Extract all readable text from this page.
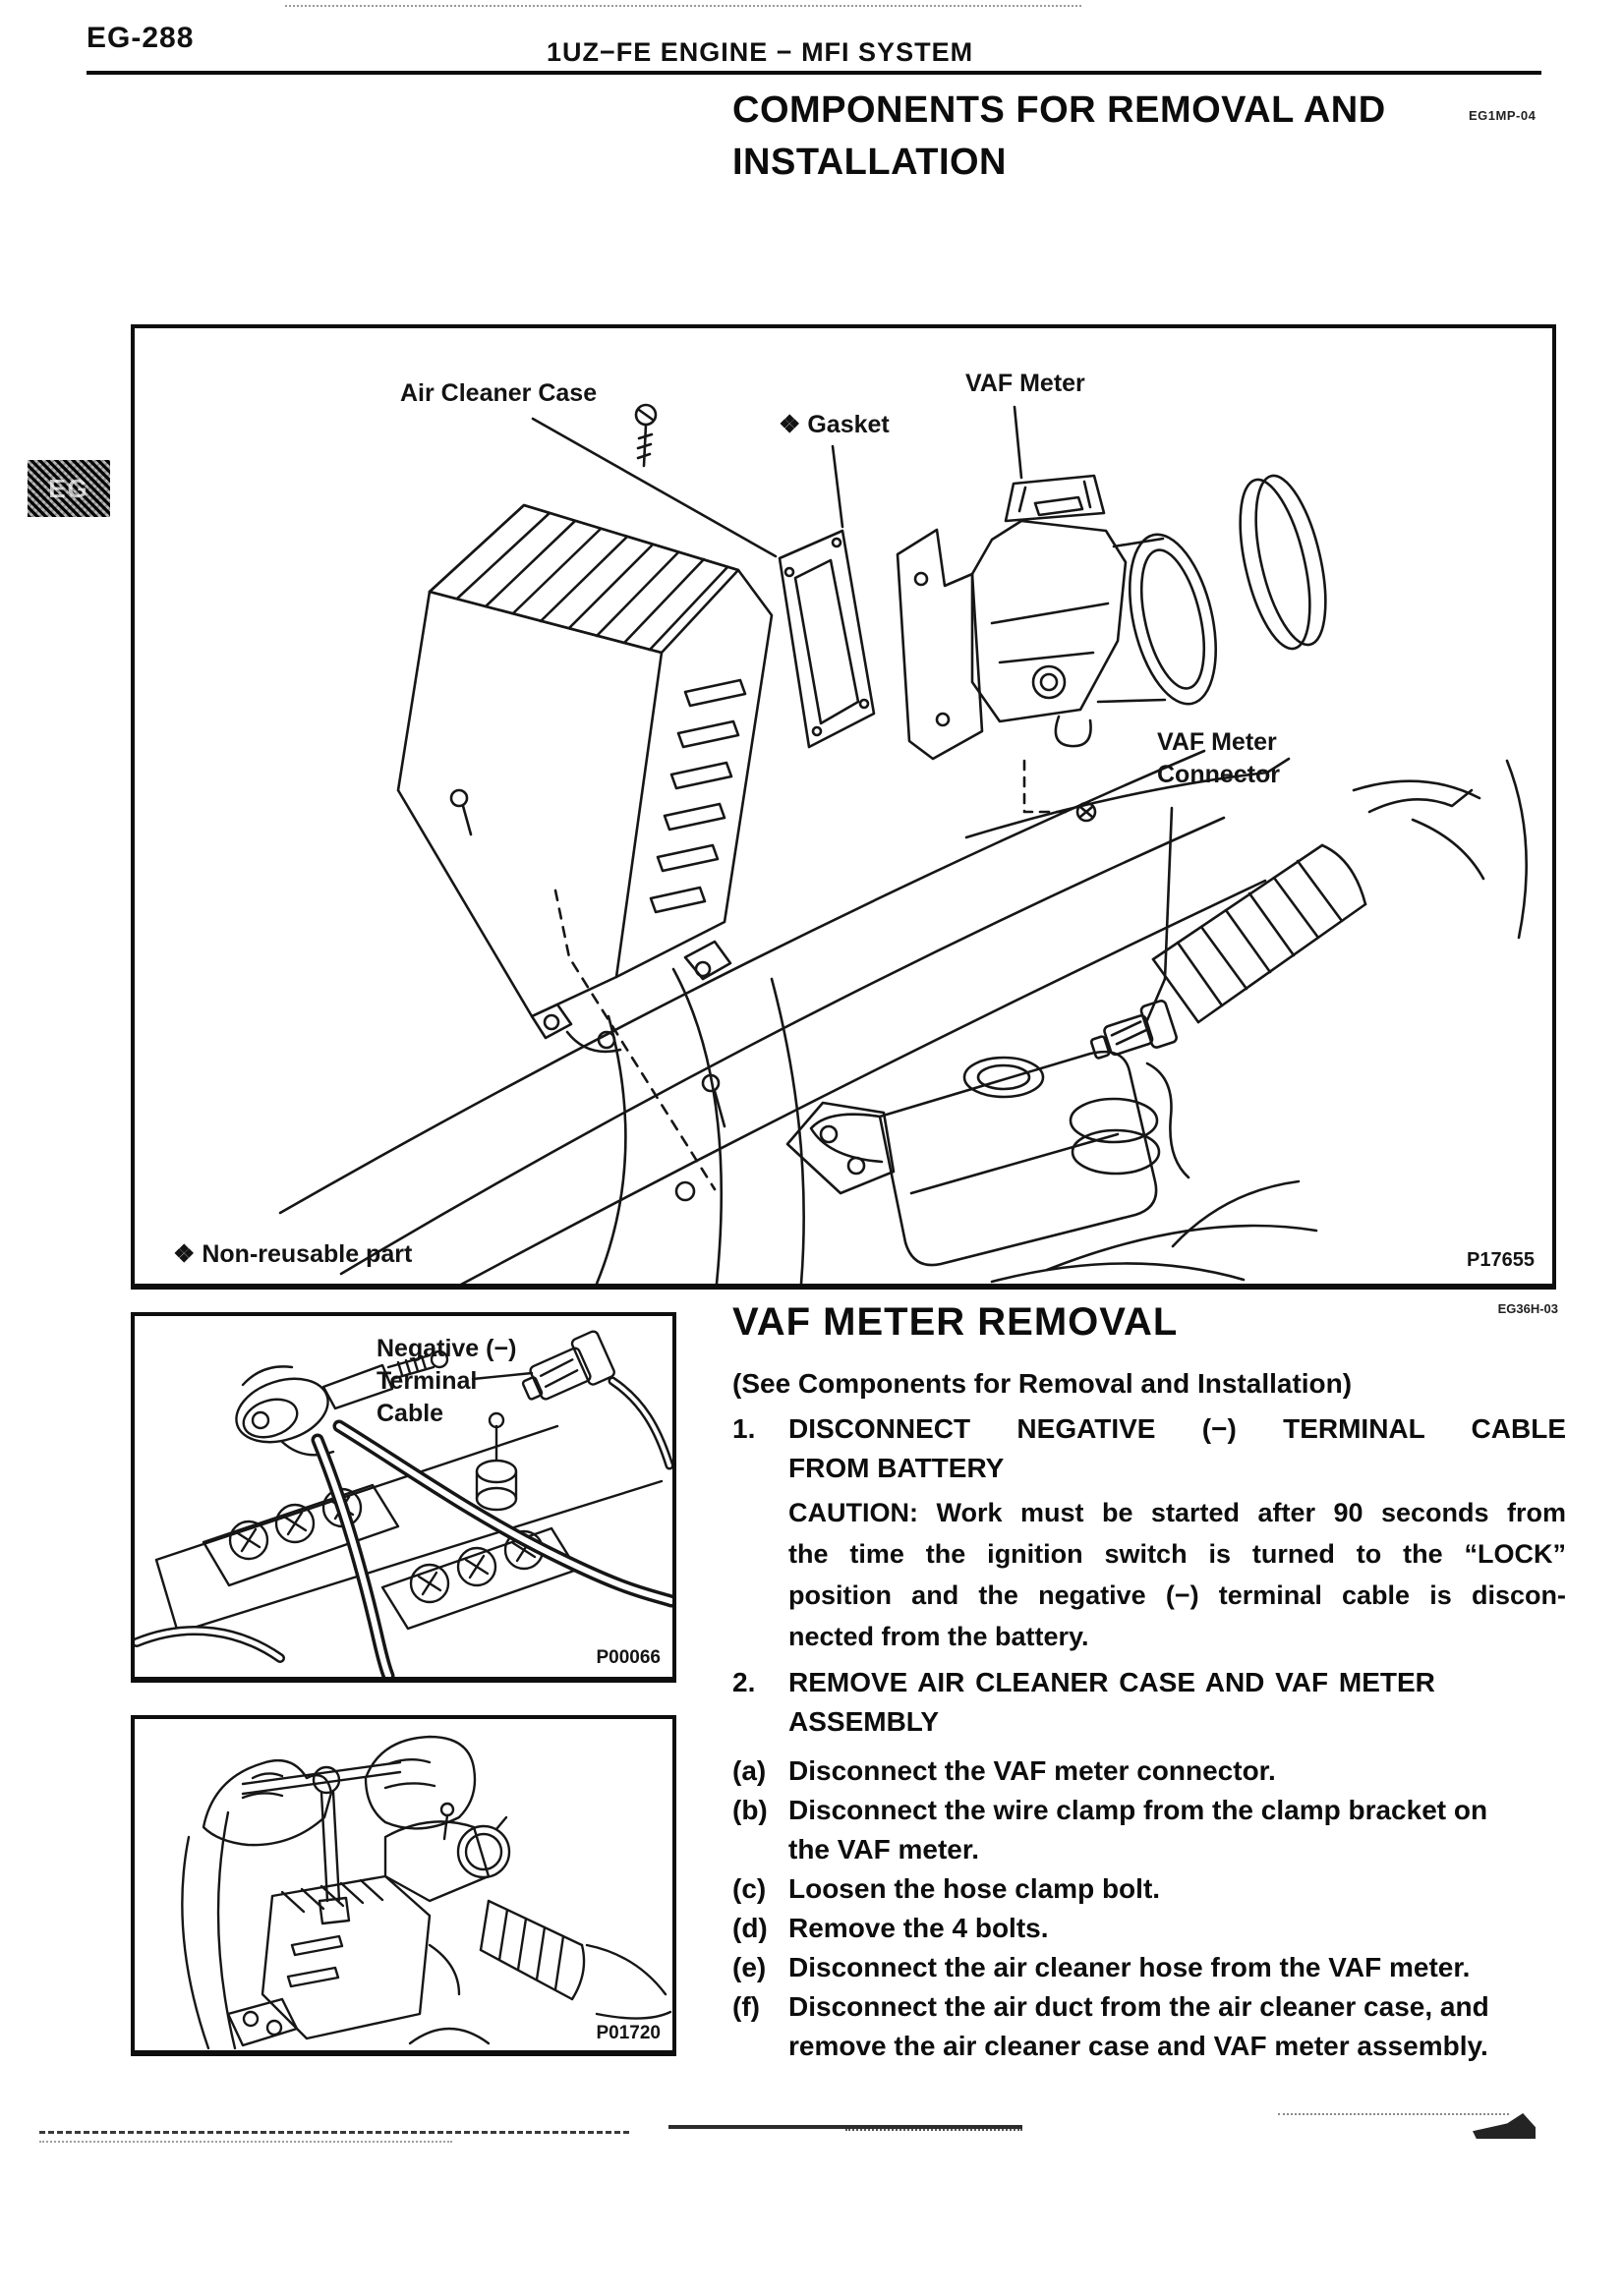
EG-288	1UZ−FE ENGINE − MFI SYSTEM
COMPONENTS FOR REMOVAL AND
INSTALLATION
EG1MP-04
EG
Air Cleaner Case
❖ Gasket
VAF Meter
VAF Meter
Connector
❖ Non-reusable part	P17655
Negative (−)
Terminal
Cable
P00066
P01720
EG36H-03
VAF METER REMOVAL
(See Components for Removal and Installation)
1.	DISCONNECT NEGATIVE (−) TERMINAL CABLE
FROM BATTERY
CAUTION: Work must be started after 90 seconds from
the time the ignition switch is turned to the “LOCK”
position and the negative (−) terminal cable is discon-
nected from the battery.
2.	REMOVE AIR CLEANER CASE AND VAF METER
ASSEMBLY
(a) Disconnect the VAF meter connector.
(b) Disconnect the wire clamp from the clamp bracket on
the VAF meter.
(c) Loosen the hose clamp bolt.
(d) Remove the 4 bolts.
(e) Disconnect the air cleaner hose from the VAF meter.
(f)	Disconnect the air duct from the air cleaner case, and
remove the air cleaner case and VAF meter assembly.
